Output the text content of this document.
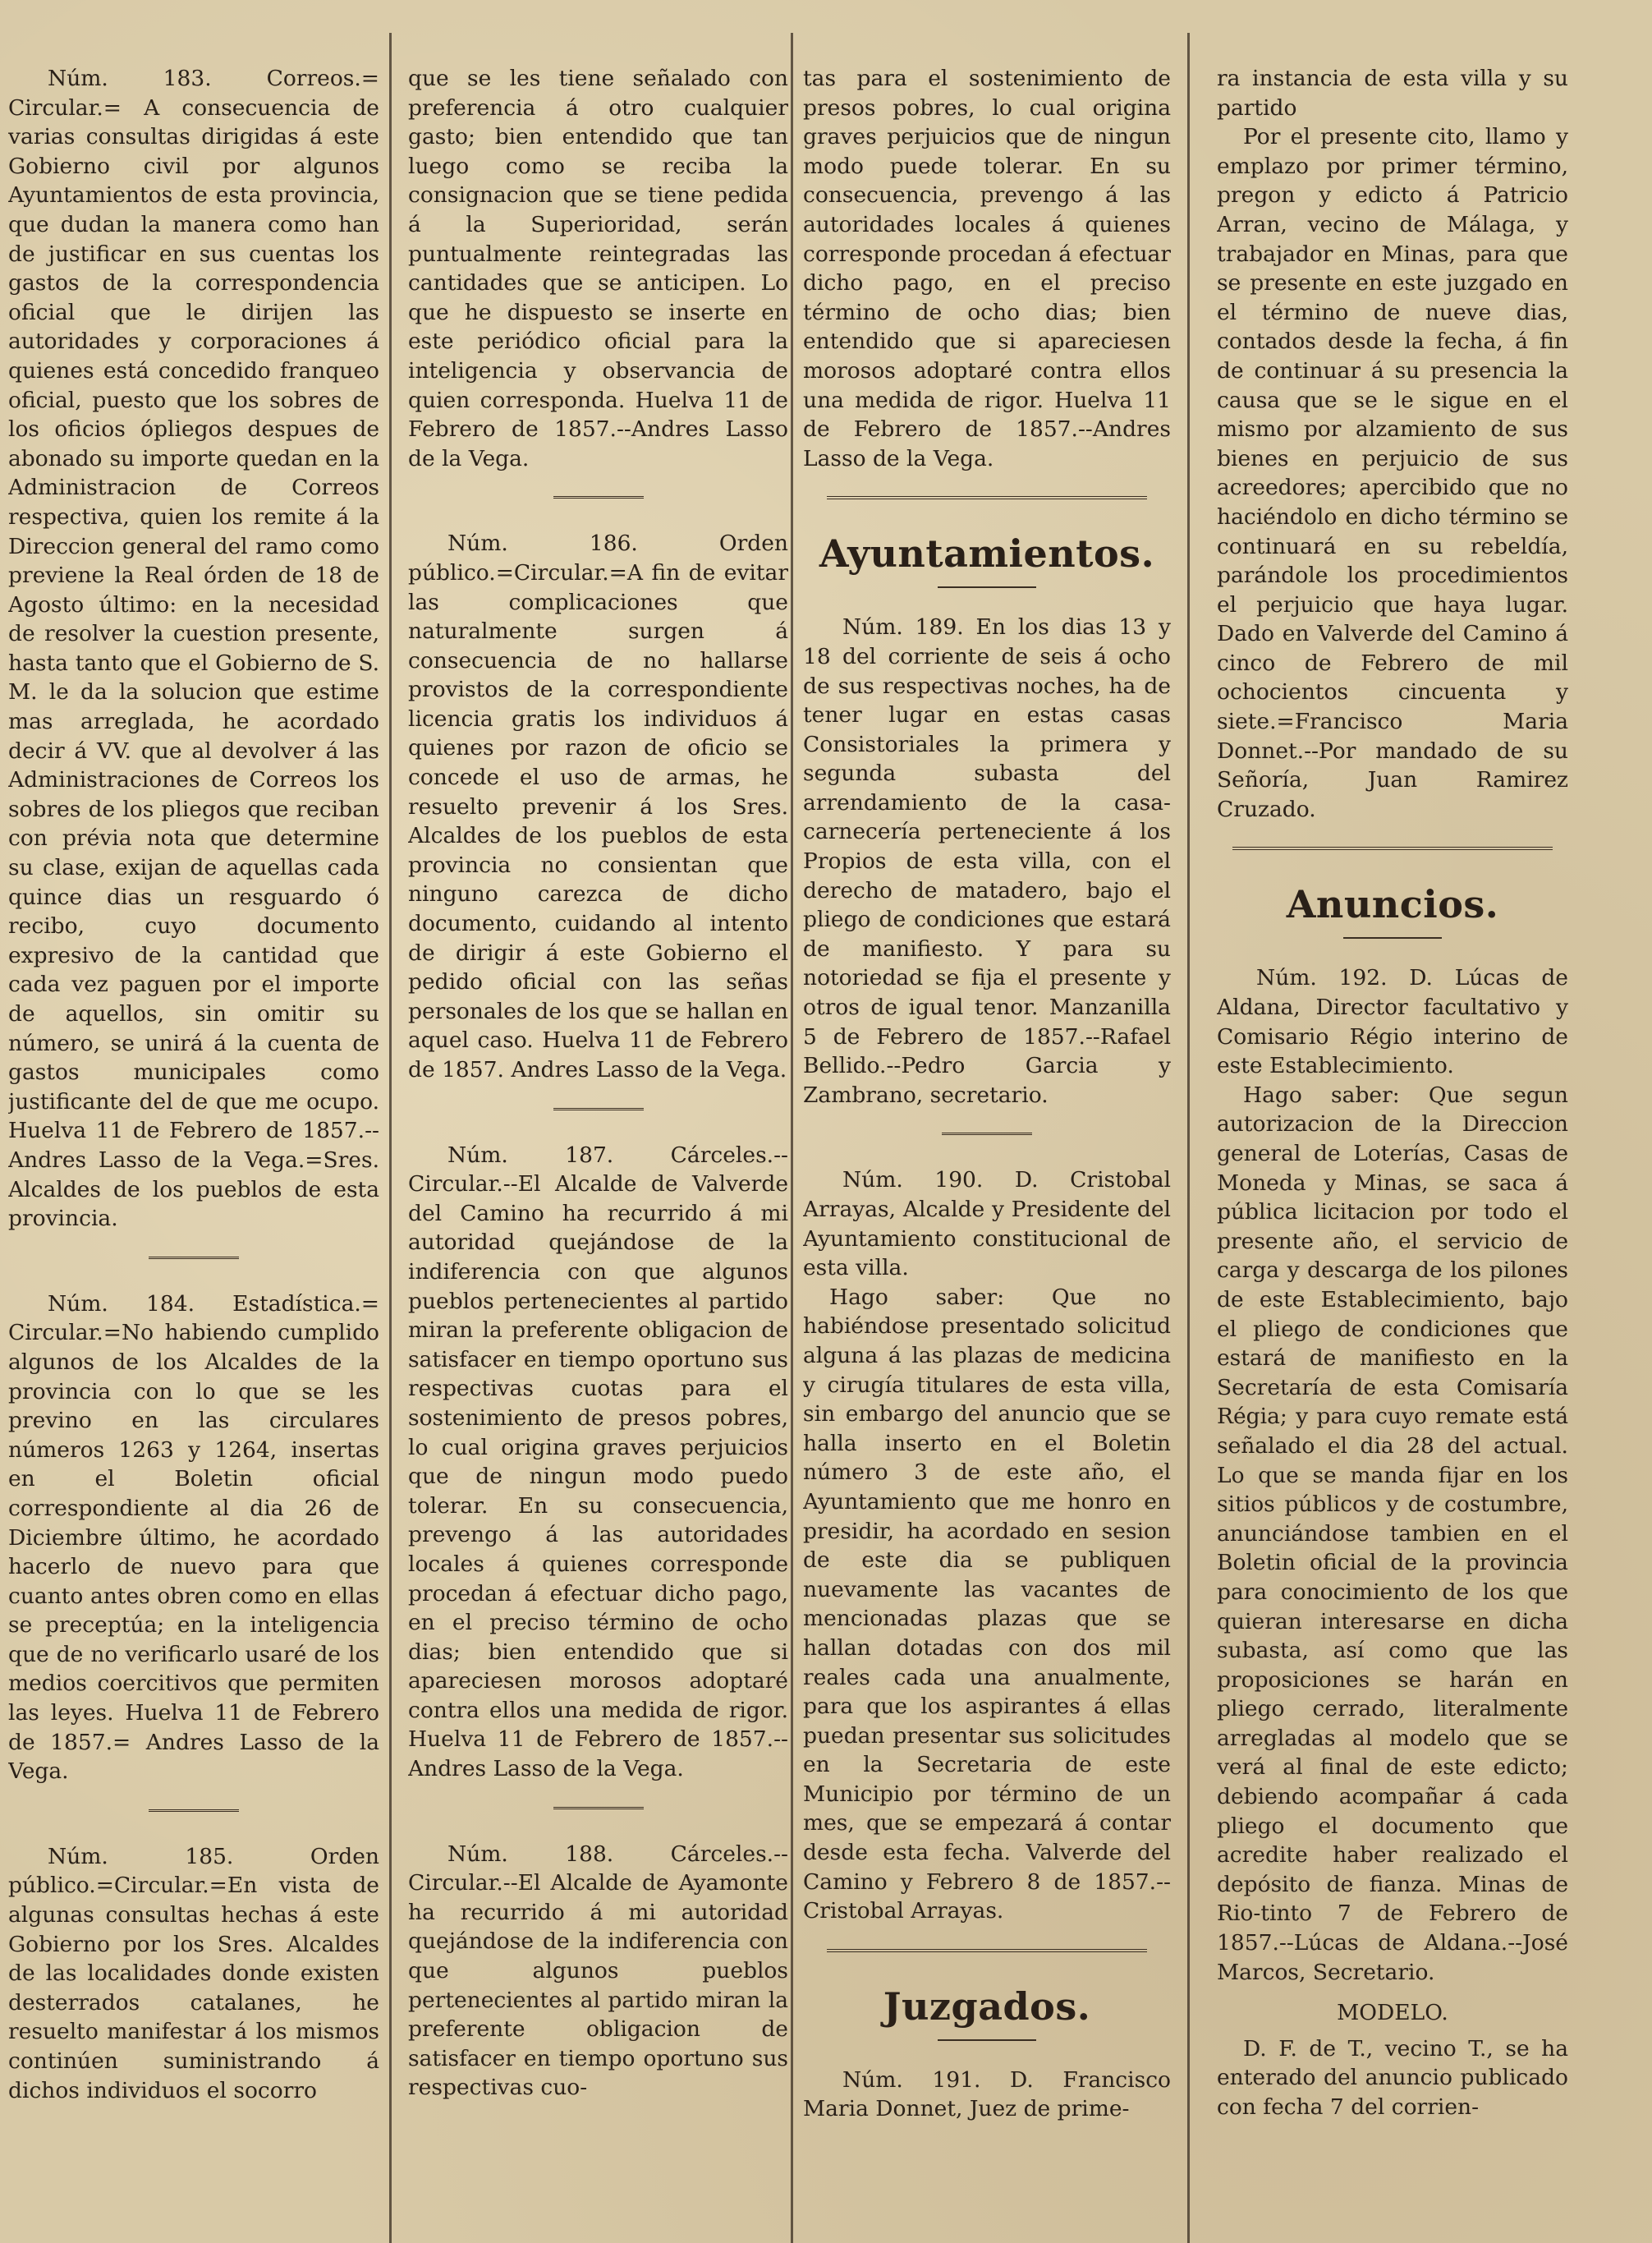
Núm. 183. Correos.= Circular.= A consecuencia de varias consultas dirigidas á este Gobierno civil por algunos Ayuntamientos de esta provincia, que dudan la manera como han de justificar en sus cuentas los gastos de la correspondencia oficial que le dirijen las autoridades y corporaciones á quienes está concedido franqueo oficial, puesto que los sobres de los oficios ópliegos despues de abonado su importe quedan en la Administracion de Correos respectiva, quien los remite á la Direccion general del ramo como previene la Real órden de 18 de Agosto último: en la necesidad de resolver la cuestion presente, hasta tanto que el Gobierno de S. M. le da la solucion que estime mas arreglada, he acordado decir á VV. que al devolver á las Administraciones de Correos los sobres de los pliegos que reciban con prévia nota que determine su clase, exijan de aquellas cada quince dias un resguardo ó recibo, cuyo documento expresivo de la cantidad que cada vez paguen por el importe de aquellos, sin omitir su número, se unirá á la cuenta de gastos municipales como justificante del de que me ocupo. Huelva 11 de Febrero de 1857.--Andres Lasso de la Vega.=Sres. Alcaldes de los pueblos de esta provincia.

Núm. 184. Estadística.= Circular.=No habiendo cumplido algunos de los Alcaldes de la provincia con lo que se les previno en las circulares números 1263 y 1264, insertas en el Boletin oficial correspondiente al dia 26 de Diciembre último, he acordado hacerlo de nuevo para que cuanto antes obren como en ellas se preceptúa; en la inteligencia que de no verificarlo usaré de los medios coercitivos que permiten las leyes. Huelva 11 de Febrero de 1857.= Andres Lasso de la Vega.

Núm. 185. Orden público.=Circular.=En vista de algunas consultas hechas á este Gobierno por los Sres. Alcaldes de las localidades donde existen desterrados catalanes, he resuelto manifestar á los mismos continúen suministrando á dichos individuos el socorro

que se les tiene señalado con preferencia á otro cualquier gasto; bien entendido que tan luego como se reciba la consignacion que se tiene pedida á la Superioridad, serán puntualmente reintegradas las cantidades que se anticipen. Lo que he dispuesto se inserte en este periódico oficial para la inteligencia y observancia de quien corresponda. Huelva 11 de Febrero de 1857.--Andres Lasso de la Vega.

Núm. 186. Orden público.=Circular.=A fin de evitar las complicaciones que naturalmente surgen á consecuencia de no hallarse provistos de la correspondiente licencia gratis los individuos á quienes por razon de oficio se concede el uso de armas, he resuelto prevenir á los Sres. Alcaldes de los pueblos de esta provincia no consientan que ninguno carezca de dicho documento, cuidando al intento de dirigir á este Gobierno el pedido oficial con las señas personales de los que se hallan en aquel caso. Huelva 11 de Febrero de 1857. Andres Lasso de la Vega.

Núm. 187. Cárceles.--Circular.--El Alcalde de Valverde del Camino ha recurrido á mi autoridad quejándose de la indiferencia con que algunos pueblos pertenecientes al partido miran la preferente obligacion de satisfacer en tiempo oportuno sus respectivas cuotas para el sostenimiento de presos pobres, lo cual origina graves perjuicios que de ningun modo puedo tolerar. En su consecuencia, prevengo á las autoridades locales á quienes corresponde procedan á efectuar dicho pago, en el preciso término de ocho dias; bien entendido que si apareciesen morosos adoptaré contra ellos una medida de rigor. Huelva 11 de Febrero de 1857.--Andres Lasso de la Vega.

Núm. 188. Cárceles.--Circular.--El Alcalde de Ayamonte ha recurrido á mi autoridad quejándose de la indiferencia con que algunos pueblos pertenecientes al partido miran la preferente obligacion de satisfacer en tiempo oportuno sus respectivas cuo-

tas para el sostenimiento de presos pobres, lo cual origina graves perjuicios que de ningun modo puede tolerar. En su consecuencia, prevengo á las autoridades locales á quienes corresponde procedan á efectuar dicho pago, en el preciso término de ocho dias; bien entendido que si apareciesen morosos adoptaré contra ellos una medida de rigor. Huelva 11 de Febrero de 1857.--Andres Lasso de la Vega.

Ayuntamientos.

Núm. 189. En los dias 13 y 18 del corriente de seis á ocho de sus respectivas noches, ha de tener lugar en estas casas Consistoriales la primera y segunda subasta del arrendamiento de la casa-carnecería perteneciente á los Propios de esta villa, con el derecho de matadero, bajo el pliego de condiciones que estará de manifiesto. Y para su notoriedad se fija el presente y otros de igual tenor. Manzanilla 5 de Febrero de 1857.--Rafael Bellido.--Pedro Garcia y Zambrano, secretario.

Núm. 190. D. Cristobal Arrayas, Alcalde y Presidente del Ayuntamiento constitucional de esta villa.

Hago saber: Que no habiéndose presentado solicitud alguna á las plazas de medicina y cirugía titulares de esta villa, sin embargo del anuncio que se halla inserto en el Boletin número 3 de este año, el Ayuntamiento que me honro en presidir, ha acordado en sesion de este dia se publiquen nuevamente las vacantes de mencionadas plazas que se hallan dotadas con dos mil reales cada una anualmente, para que los aspirantes á ellas puedan presentar sus solicitudes en la Secretaria de este Municipio por término de un mes, que se empezará á contar desde esta fecha. Valverde del Camino y Febrero 8 de 1857.--Cristobal Arrayas.

Juzgados.

Núm. 191. D. Francisco Maria Donnet, Juez de prime-

ra instancia de esta villa y su partido

Por el presente cito, llamo y emplazo por primer término, pregon y edicto á Patricio Arran, vecino de Málaga, y trabajador en Minas, para que se presente en este juzgado en el término de nueve dias, contados desde la fecha, á fin de continuar á su presencia la causa que se le sigue en el mismo por alzamiento de sus bienes en perjuicio de sus acreedores; apercibido que no haciéndolo en dicho término se continuará en su rebeldía, parándole los procedimientos el perjuicio que haya lugar. Dado en Valverde del Camino á cinco de Febrero de mil ochocientos cincuenta y siete.=Francisco Maria Donnet.--Por mandado de su Señoría, Juan Ramirez Cruzado.

Anuncios.

Núm. 192. D. Lúcas de Aldana, Director facultativo y Comisario Régio interino de este Establecimiento.

Hago saber: Que segun autorizacion de la Direccion general de Loterías, Casas de Moneda y Minas, se saca á pública licitacion por todo el presente año, el servicio de carga y descarga de los pilones de este Establecimiento, bajo el pliego de condiciones que estará de manifiesto en la Secretaría de esta Comisaría Régia; y para cuyo remate está señalado el dia 28 del actual. Lo que se manda fijar en los sitios públicos y de costumbre, anunciándose tambien en el Boletin oficial de la provincia para conocimiento de los que quieran interesarse en dicha subasta, así como que las proposiciones se harán en pliego cerrado, literalmente arregladas al modelo que se verá al final de este edicto; debiendo acompañar á cada pliego el documento que acredite haber realizado el depósito de fianza. Minas de Rio-tinto 7 de Febrero de 1857.--Lúcas de Aldana.--José Marcos, Secretario.

MODELO.

D. F. de T., vecino T., se ha enterado del anuncio publicado con fecha 7 del corrien-
